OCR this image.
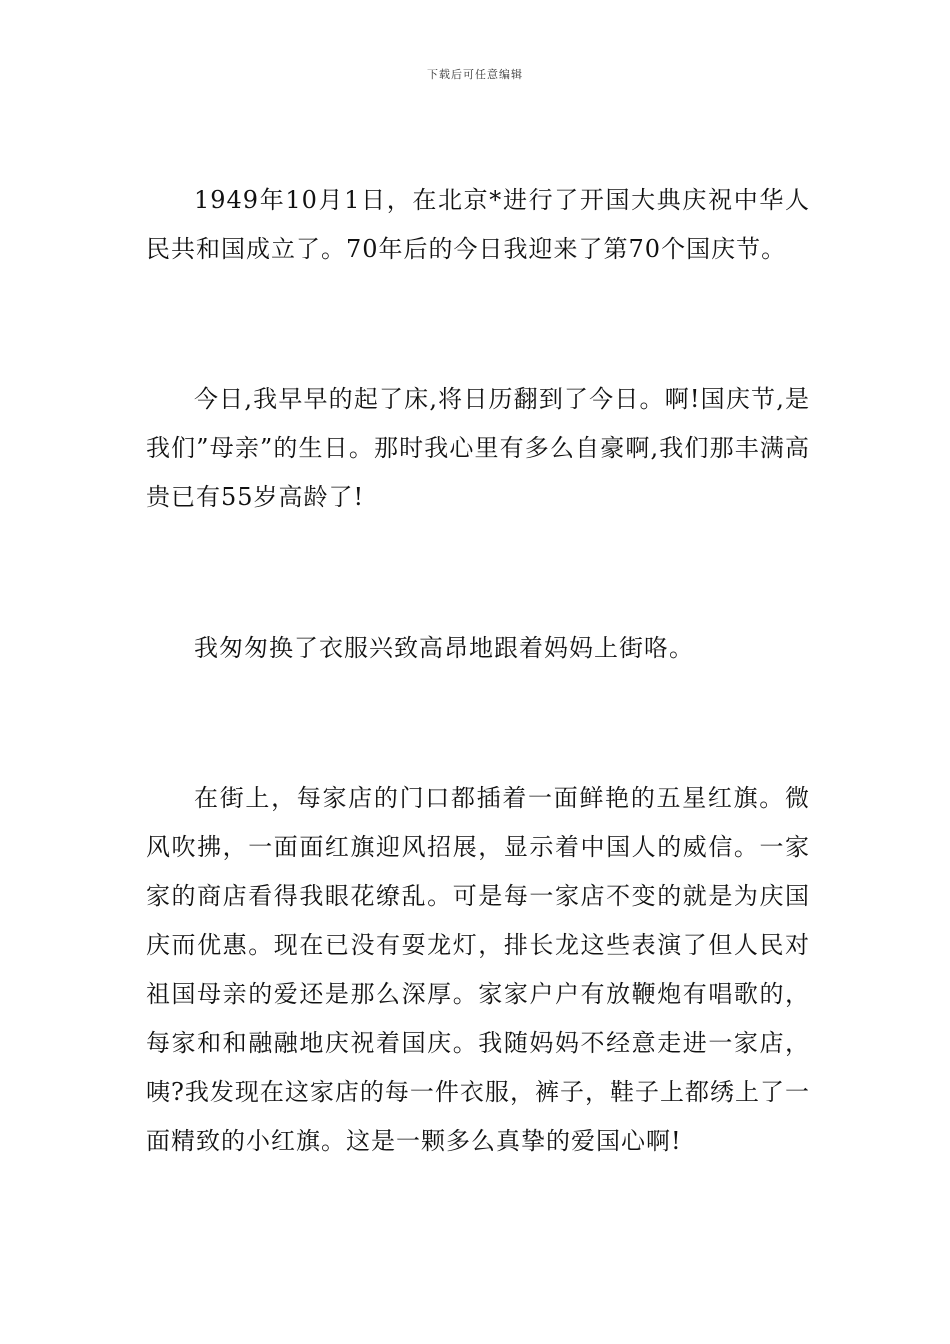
下载后可任意编辑

1949年10月1日，在北京*进行了开国大典庆祝中华人民共和国成立了。70年后的今日我迎来了第70个国庆节。

今日,我早早的起了床,将日历翻到了今日。啊!国庆节,是我们”母亲”的生日。那时我心里有多么自豪啊,我们那丰满高贵已有55岁高龄了!

我匆匆换了衣服兴致高昂地跟着妈妈上街咯。

在街上，每家店的门口都插着一面鲜艳的五星红旗。微风吹拂，一面面红旗迎风招展，显示着中国人的威信。一家家的商店看得我眼花缭乱。可是每一家店不变的就是为庆国庆而优惠。现在已没有耍龙灯，排长龙这些表演了但人民对祖国母亲的爱还是那么深厚。家家户户有放鞭炮有唱歌的，每家和和融融地庆祝着国庆。我随妈妈不经意走进一家店，咦?我发现在这家店的每一件衣服，裤子，鞋子上都绣上了一面精致的小红旗。这是一颗多么真挚的爱国心啊!
